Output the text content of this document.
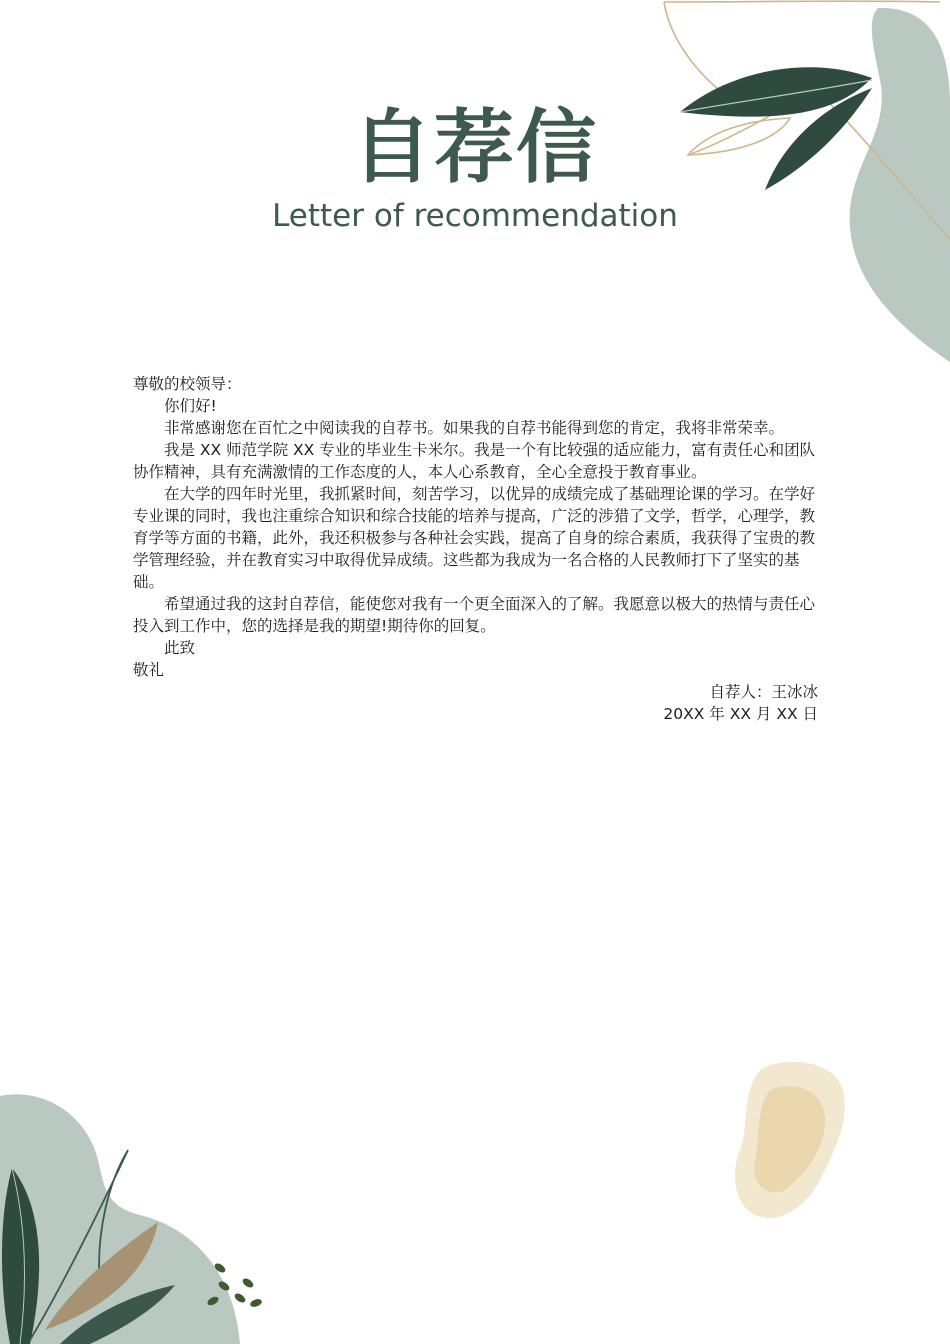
自荐信
Letter of recommendation

尊敬的校领导：

你们好!

非常感谢您在百忙之中阅读我的自荐书。如果我的自荐书能得到您的肯定，我将非常荣幸。

我是 XX 师范学院 XX 专业的毕业生卡米尔。我是一个有比较强的适应能力，富有责任心和团队协作精神，具有充满激情的工作态度的人，本人心系教育，全心全意投于教育事业。

在大学的四年时光里，我抓紧时间，刻苦学习，以优异的成绩完成了基础理论课的学习。在学好专业课的同时，我也注重综合知识和综合技能的培养与提高，广泛的涉猎了文学，哲学，心理学，教育学等方面的书籍，此外，我还积极参与各种社会实践，提高了自身的综合素质，我获得了宝贵的教学管理经验，并在教育实习中取得优异成绩。这些都为我成为一名合格的人民教师打下了坚实的基础。

希望通过我的这封自荐信，能使您对我有一个更全面深入的了解。我愿意以极大的热情与责任心投入到工作中，您的选择是我的期望!期待你的回复。

此致

敬礼

自荐人：王冰冰

20XX 年 XX 月 XX 日
